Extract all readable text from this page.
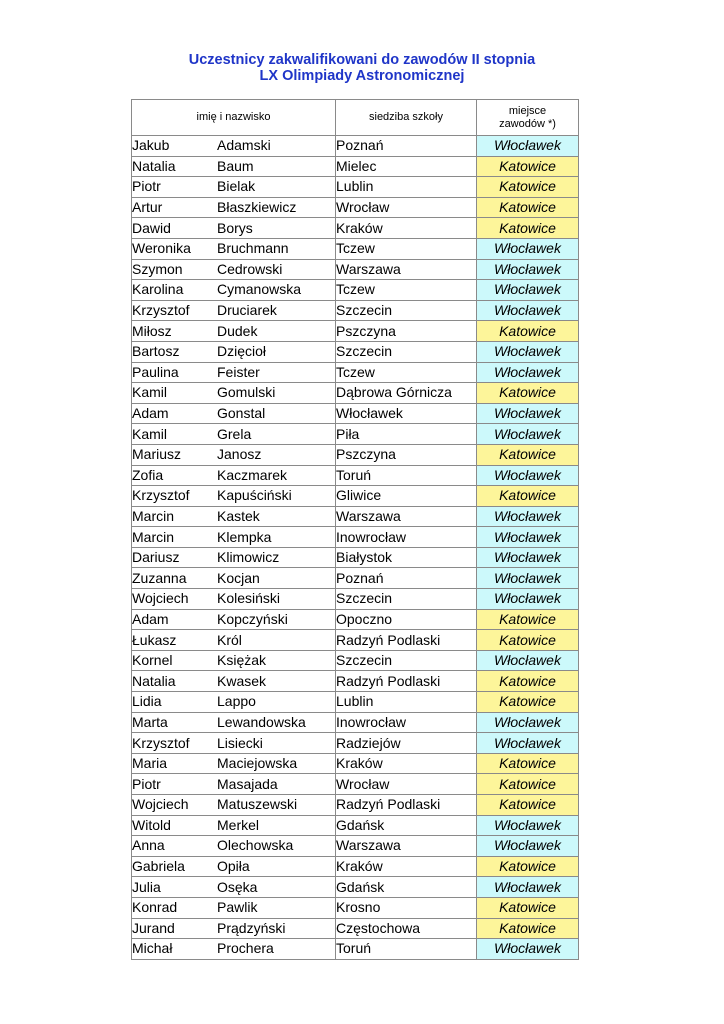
Uczestnicy zakwalifikowani do zawodów II stopnia
LX Olimpiady Astronomicznej
imię i nazwisko	siedziba szkoły	miejsce
zawodów *)
Jakub Adamski	Poznań	Włocławek
Natalia Baum	Mielec	Katowice
Piotr Bielak	Lublin	Katowice
Artur Błaszkiewicz	Wrocław	Katowice
Dawid Borys	Kraków	Katowice
Weronika Bruchmann	Tczew	Włocławek
Szymon Cedrowski	Warszawa	Włocławek
Karolina Cymanowska	Tczew	Włocławek
Krzysztof Druciarek	Szczecin	Włocławek
Miłosz Dudek	Pszczyna	Katowice
Bartosz Dzięcioł	Szczecin	Włocławek
Paulina Feister	Tczew	Włocławek
Kamil Gomulski	Dąbrowa Górnicza	Katowice
Adam Gonstal	Włocławek	Włocławek
Kamil Grela	Piła	Włocławek
Mariusz Janosz	Pszczyna	Katowice
Zofia Kaczmarek	Toruń	Włocławek
Krzysztof Kapuściński	Gliwice	Katowice
Marcin Kastek	Warszawa	Włocławek
Marcin Klempka	Inowrocław	Włocławek
Dariusz Klimowicz	Białystok	Włocławek
Zuzanna Kocjan	Poznań	Włocławek
Wojciech Kolesiński	Szczecin	Włocławek
Adam Kopczyński	Opoczno	Katowice
Łukasz Król	Radzyń Podlaski	Katowice
Kornel Księżak	Szczecin	Włocławek
Natalia Kwasek	Radzyń Podlaski	Katowice
Lidia Lappo	Lublin	Katowice
Marta Lewandowska	Inowrocław	Włocławek
Krzysztof Lisiecki	Radziejów	Włocławek
Maria Maciejowska	Kraków	Katowice
Piotr Masajada	Wrocław	Katowice
Wojciech Matuszewski	Radzyń Podlaski	Katowice
Witold Merkel	Gdańsk	Włocławek
Anna Olechowska	Warszawa	Włocławek
Gabriela Opiła	Kraków	Katowice
Julia Osęka	Gdańsk	Włocławek
Konrad Pawlik	Krosno	Katowice
Jurand Prądzyński	Częstochowa	Katowice
Michał Prochera	Toruń	Włocławek
